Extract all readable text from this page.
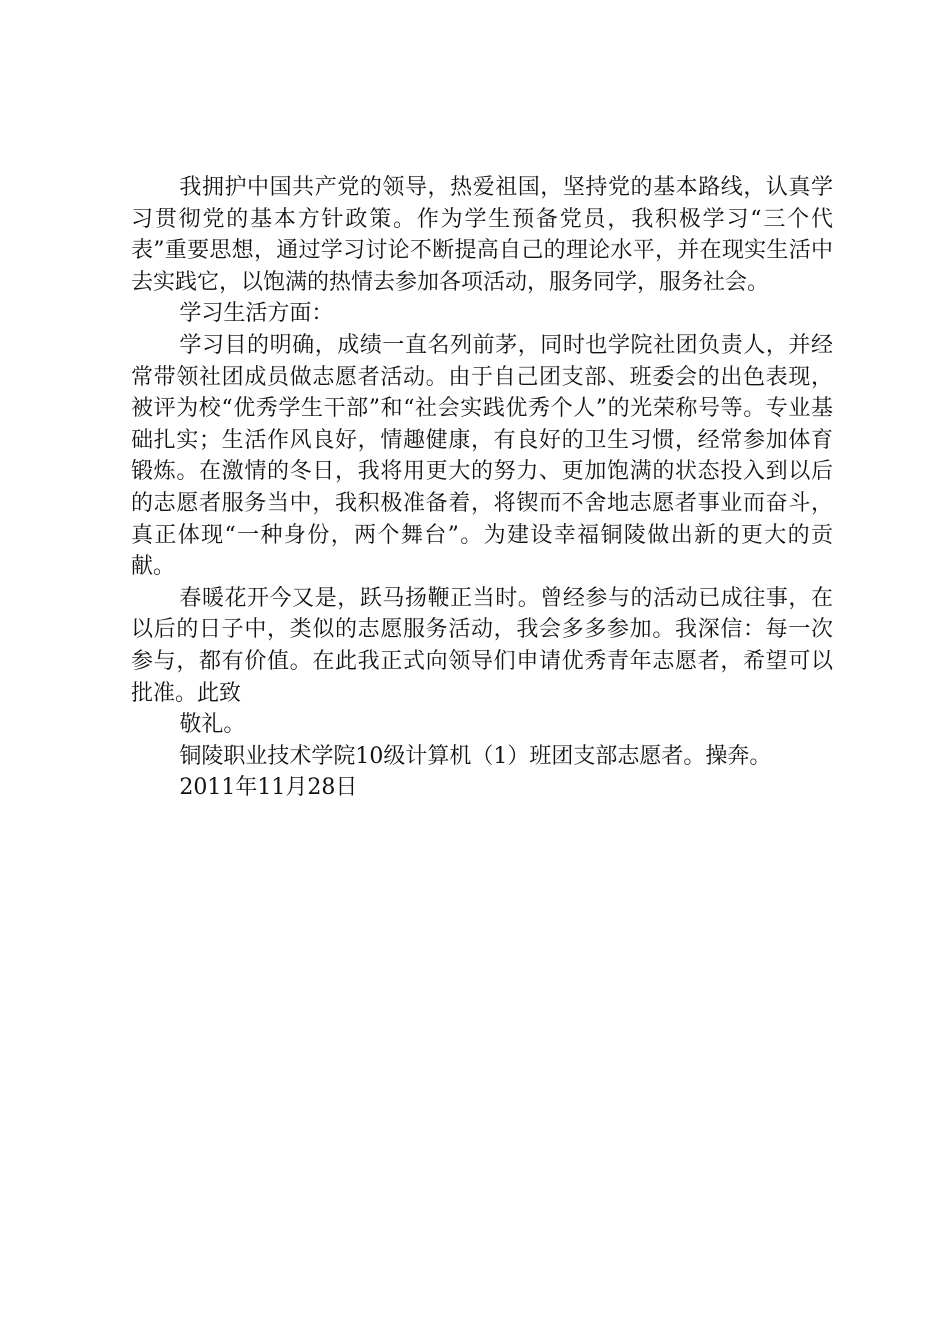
我拥护中国共产党的领导，热爱祖国，坚持党的基本路线，认真学习贯彻党的基本方针政策。作为学生预备党员，我积极学习“三个代表”重要思想，通过学习讨论不断提高自己的理论水平，并在现实生活中去实践它，以饱满的热情去参加各项活动，服务同学，服务社会。

学习生活方面：

学习目的明确，成绩一直名列前茅，同时也学院社团负责人，并经常带领社团成员做志愿者活动。由于自己团支部、班委会的出色表现，被评为校“优秀学生干部”和“社会实践优秀个人”的光荣称号等。专业基础扎实；生活作风良好，情趣健康，有良好的卫生习惯，经常参加体育锻炼。在激情的冬日，我将用更大的努力、更加饱满的状态投入到以后的志愿者服务当中，我积极准备着，将锲而不舍地志愿者事业而奋斗，真正体现“一种身份，两个舞台”。为建设幸福铜陵做出新的更大的贡献。

春暖花开今又是，跃马扬鞭正当时。曾经参与的活动已成往事，在以后的日子中，类似的志愿服务活动，我会多多参加。我深信：每一次参与，都有价值。在此我正式向领导们申请优秀青年志愿者，希望可以批准。此致

敬礼。

铜陵职业技术学院10级计算机（1）班团支部志愿者。操奔。

2011年11月28日
